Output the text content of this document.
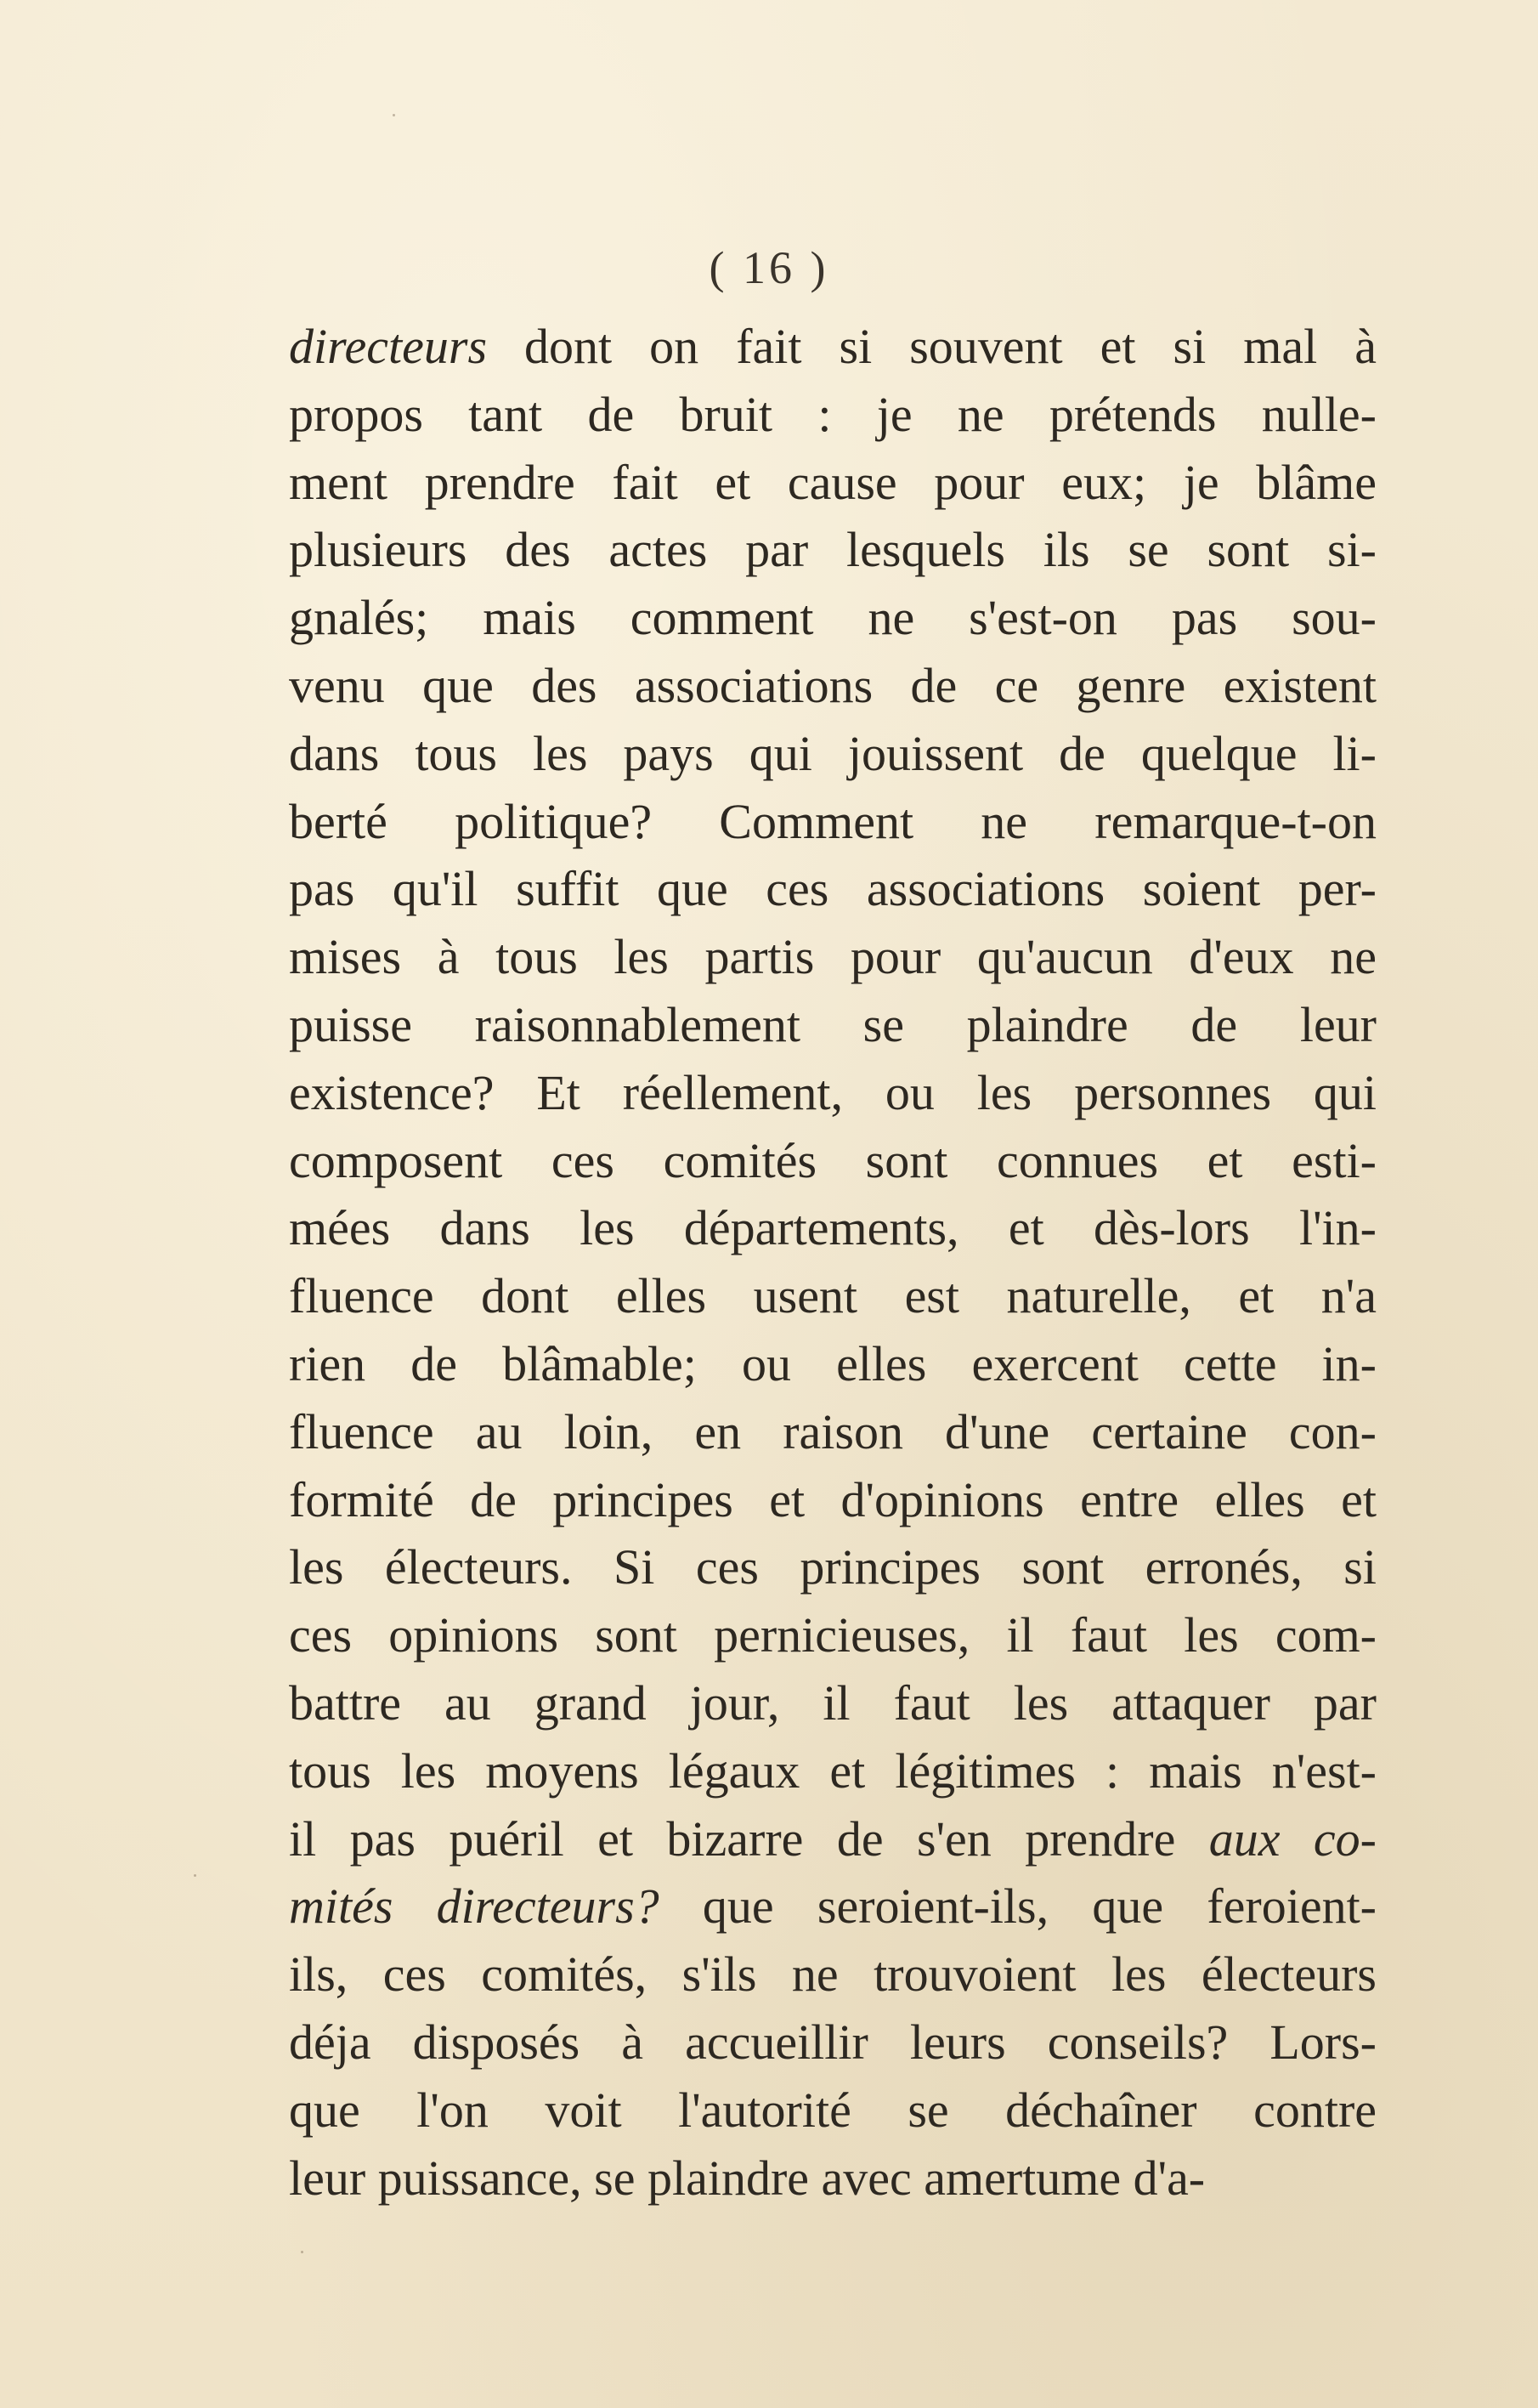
( 16 )
directeurs dont on fait si souvent et si mal à
propos tant de bruit : je ne prétends nulle-
ment prendre fait et cause pour eux; je blâme
plusieurs des actes par lesquels ils se sont si-
gnalés; mais comment ne s'est-on pas sou-
venu que des associations de ce genre existent
dans tous les pays qui jouissent de quelque li-
berté politique? Comment ne remarque-t-on
pas qu'il suffit que ces associations soient per-
mises à tous les partis pour qu'aucun d'eux ne
puisse raisonnablement se plaindre de leur
existence? Et réellement, ou les personnes qui
composent ces comités sont connues et esti-
mées dans les départements, et dès-lors l'in-
fluence dont elles usent est naturelle, et n'a
rien de blâmable; ou elles exercent cette in-
fluence au loin, en raison d'une certaine con-
formité de principes et d'opinions entre elles et
les électeurs. Si ces principes sont erronés, si
ces opinions sont pernicieuses, il faut les com-
battre au grand jour, il faut les attaquer par
tous les moyens légaux et légitimes : mais n'est-
il pas puéril et bizarre de s'en prendre aux co-
mités directeurs? que seroient-ils, que feroient-
ils, ces comités, s'ils ne trouvoient les électeurs
déja disposés à accueillir leurs conseils? Lors-
que l'on voit l'autorité se déchaîner contre
leur puissance, se plaindre avec amertume d'a-
